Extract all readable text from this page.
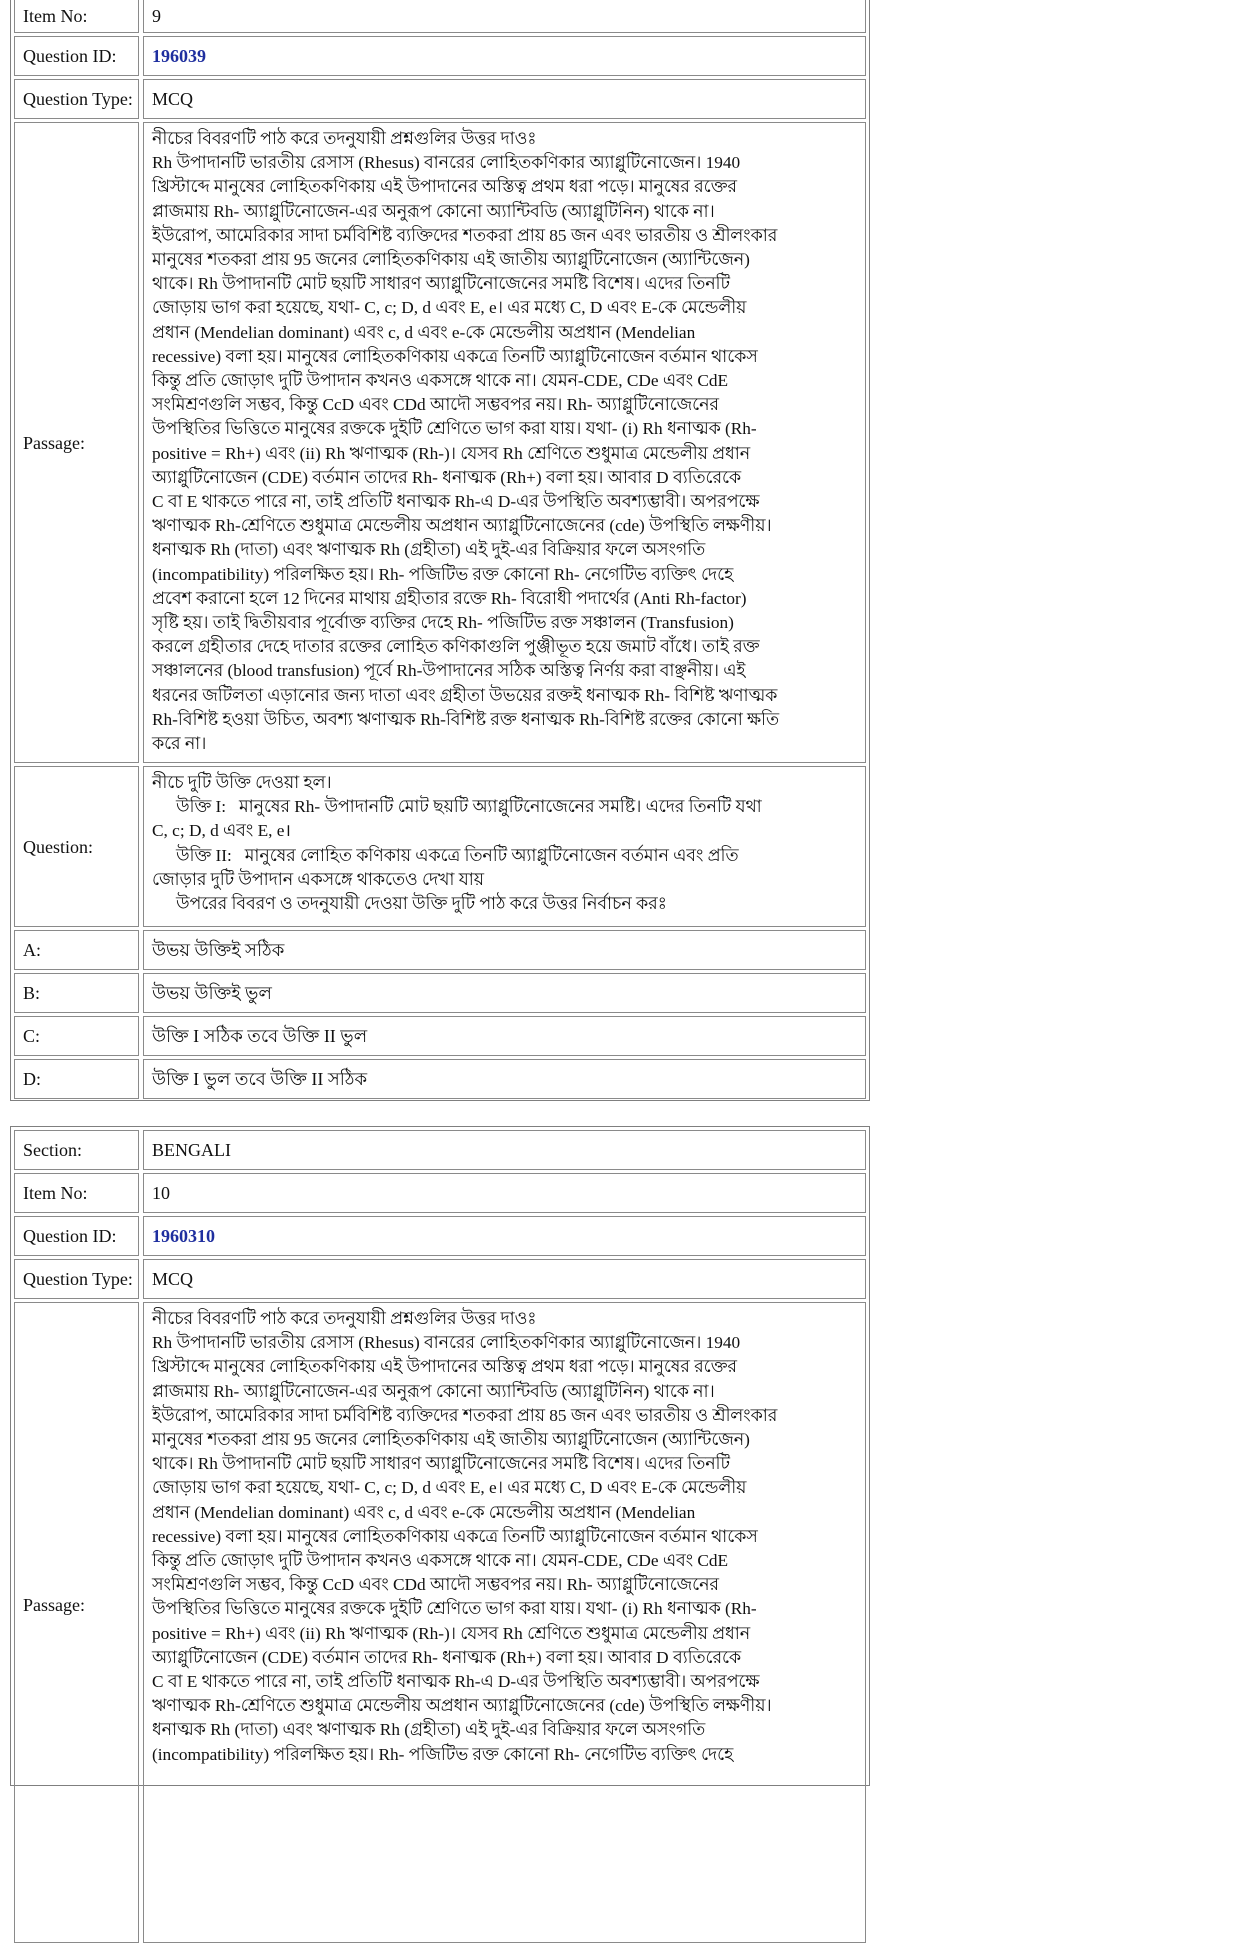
Item No:	9
Question ID:	196039
Question Type:	MCQ
Passage:
নীচের বিবরণটি পাঠ করে তদনুযায়ী প্রশ্নগুলির উত্তর দাওঃ
Rh উপাদানটি ভারতীয় রেসাস (Rhesus) বানরের লোহিতকণিকার অ্যাগ্লুটিনোজেন। 1940
খ্রিস্টাব্দে মানুষের লোহিতকণিকায় এই উপাদানের অস্তিত্ব প্রথম ধরা পড়ে। মানুষের রক্তের
প্লাজমায় Rh- অ্যাগ্লুটিনোজেন-এর অনুরূপ কোনো অ্যান্টিবডি (অ্যাগ্লুটিনিন) থাকে না।
ইউরোপ, আমেরিকার সাদা চর্মবিশিষ্ট ব্যক্তিদের শতকরা প্রায় 85 জন এবং ভারতীয় ও শ্রীলংকার
মানুষের শতকরা প্রায় 95 জনের লোহিতকণিকায় এই জাতীয় অ্যাগ্লুটিনোজেন (অ্যান্টিজেন)
থাকে। Rh উপাদানটি মোট ছয়টি সাধারণ অ্যাগ্লুটিনোজেনের সমষ্টি বিশেষ। এদের তিনটি
জোড়ায় ভাগ করা হয়েছে, যথা- C, c; D, d এবং E, e। এর মধ্যে C, D এবং E-কে মেন্ডেলীয়
প্রধান (Mendelian dominant) এবং c, d এবং e-কে মেন্ডেলীয় অপ্রধান (Mendelian
recessive) বলা হয়। মানুষের লোহিতকণিকায় একত্রে তিনটি অ্যাগ্লুটিনোজেন বর্তমান থাকেস
কিন্তু প্রতি জোড়াৎ দুটি উপাদান কখনও একসঙ্গে থাকে না। যেমন-CDE, CDe এবং CdE
সংমিশ্রণগুলি সম্ভব, কিন্তু CcD এবং CDd আদৌ সম্ভবপর নয়। Rh- অ্যাগ্লুটিনোজেনের
উপস্থিতির ভিত্তিতে মানুষের রক্তকে দুইটি শ্রেণিতে ভাগ করা যায়। যথা- (i) Rh ধনাত্মক (Rh-
positive = Rh+) এবং (ii) Rh ঋণাত্মক (Rh-)। যেসব Rh শ্রেণিতে শুধুমাত্র মেন্ডেলীয় প্রধান
অ্যাগ্লুটিনোজেন (CDE) বর্তমান তাদের Rh- ধনাত্মক (Rh+) বলা হয়। আবার D ব্যতিরেকে
C বা E থাকতে পারে না, তাই প্রতিটি ধনাত্মক Rh-এ D-এর উপস্থিতি অবশ্যম্ভাবী। অপরপক্ষে
ঋণাত্মক Rh-শ্রেণিতে শুধুমাত্র মেন্ডেলীয় অপ্রধান অ্যাগ্লুটিনোজেনের (cde) উপস্থিতি লক্ষণীয়।
ধনাত্মক Rh (দাতা) এবং ঋণাত্মক Rh (গ্রহীতা) এই দুই-এর বিক্রিয়ার ফলে অসংগতি
(incompatibility) পরিলক্ষিত হয়। Rh- পজিটিভ রক্ত কোনো Rh- নেগেটিভ ব্যক্তিৎ দেহে
প্রবেশ করানো হলে 12 দিনের মাথায় গ্রহীতার রক্তে Rh- বিরোধী পদার্থের (Anti Rh-factor)
সৃষ্টি হয়। তাই দ্বিতীয়বার পূর্বোক্ত ব্যক্তির দেহে Rh- পজিটিভ রক্ত সঞ্চালন (Transfusion)
করলে গ্রহীতার দেহে দাতার রক্তের লোহিত কণিকাগুলি পুঞ্জীভূত হয়ে জমাট বাঁধে। তাই রক্ত
সঞ্চালনের (blood transfusion) পূর্বে Rh-উপাদানের সঠিক অস্তিত্ব নির্ণয় করা বাঞ্ছনীয়। এই
ধরনের জটিলতা এড়ানোর জন্য দাতা এবং গ্রহীতা উভয়ের রক্তই ধনাত্মক Rh- বিশিষ্ট ঋণাত্মক
Rh-বিশিষ্ট হওয়া উচিত, অবশ্য ঋণাত্মক Rh-বিশিষ্ট রক্ত ধনাত্মক Rh-বিশিষ্ট রক্তের কোনো ক্ষতি
করে না।
Question:
নীচে দুটি উক্তি দেওয়া হল।
উক্তি I:   মানুষের Rh- উপাদানটি মোট ছয়টি অ্যাগ্লুটিনোজেনের সমষ্টি। এদের তিনটি যথা
C, c; D, d এবং E, e।
উক্তি II:   মানুষের লোহিত কণিকায় একত্রে তিনটি অ্যাগ্লুটিনোজেন বর্তমান এবং প্রতি
জোড়ার দুটি উপাদান একসঙ্গে থাকতেও দেখা যায়
উপরের বিবরণ ও তদনুযায়ী দেওয়া উক্তি দুটি পাঠ করে উত্তর নির্বাচন করঃ
A:	উভয় উক্তিই সঠিক
B:	উভয় উক্তিই ভুল
C:	উক্তি I সঠিক তবে উক্তি II ভুল
D:	উক্তি I ভুল তবে উক্তি II সঠিক
Section:	BENGALI
Item No:	10
Question ID:	1960310
Question Type:	MCQ
Passage:
নীচের বিবরণটি পাঠ করে তদনুযায়ী প্রশ্নগুলির উত্তর দাওঃ
Rh উপাদানটি ভারতীয় রেসাস (Rhesus) বানরের লোহিতকণিকার অ্যাগ্লুটিনোজেন। 1940
খ্রিস্টাব্দে মানুষের লোহিতকণিকায় এই উপাদানের অস্তিত্ব প্রথম ধরা পড়ে। মানুষের রক্তের
প্লাজমায় Rh- অ্যাগ্লুটিনোজেন-এর অনুরূপ কোনো অ্যান্টিবডি (অ্যাগ্লুটিনিন) থাকে না।
ইউরোপ, আমেরিকার সাদা চর্মবিশিষ্ট ব্যক্তিদের শতকরা প্রায় 85 জন এবং ভারতীয় ও শ্রীলংকার
মানুষের শতকরা প্রায় 95 জনের লোহিতকণিকায় এই জাতীয় অ্যাগ্লুটিনোজেন (অ্যান্টিজেন)
থাকে। Rh উপাদানটি মোট ছয়টি সাধারণ অ্যাগ্লুটিনোজেনের সমষ্টি বিশেষ। এদের তিনটি
জোড়ায় ভাগ করা হয়েছে, যথা- C, c; D, d এবং E, e। এর মধ্যে C, D এবং E-কে মেন্ডেলীয়
প্রধান (Mendelian dominant) এবং c, d এবং e-কে মেন্ডেলীয় অপ্রধান (Mendelian
recessive) বলা হয়। মানুষের লোহিতকণিকায় একত্রে তিনটি অ্যাগ্লুটিনোজেন বর্তমান থাকেস
কিন্তু প্রতি জোড়াৎ দুটি উপাদান কখনও একসঙ্গে থাকে না। যেমন-CDE, CDe এবং CdE
সংমিশ্রণগুলি সম্ভব, কিন্তু CcD এবং CDd আদৌ সম্ভবপর নয়। Rh- অ্যাগ্লুটিনোজেনের
উপস্থিতির ভিত্তিতে মানুষের রক্তকে দুইটি শ্রেণিতে ভাগ করা যায়। যথা- (i) Rh ধনাত্মক (Rh-
positive = Rh+) এবং (ii) Rh ঋণাত্মক (Rh-)। যেসব Rh শ্রেণিতে শুধুমাত্র মেন্ডেলীয় প্রধান
অ্যাগ্লুটিনোজেন (CDE) বর্তমান তাদের Rh- ধনাত্মক (Rh+) বলা হয়। আবার D ব্যতিরেকে
C বা E থাকতে পারে না, তাই প্রতিটি ধনাত্মক Rh-এ D-এর উপস্থিতি অবশ্যম্ভাবী। অপরপক্ষে
ঋণাত্মক Rh-শ্রেণিতে শুধুমাত্র মেন্ডেলীয় অপ্রধান অ্যাগ্লুটিনোজেনের (cde) উপস্থিতি লক্ষণীয়।
ধনাত্মক Rh (দাতা) এবং ঋণাত্মক Rh (গ্রহীতা) এই দুই-এর বিক্রিয়ার ফলে অসংগতি
(incompatibility) পরিলক্ষিত হয়। Rh- পজিটিভ রক্ত কোনো Rh- নেগেটিভ ব্যক্তিৎ দেহে
